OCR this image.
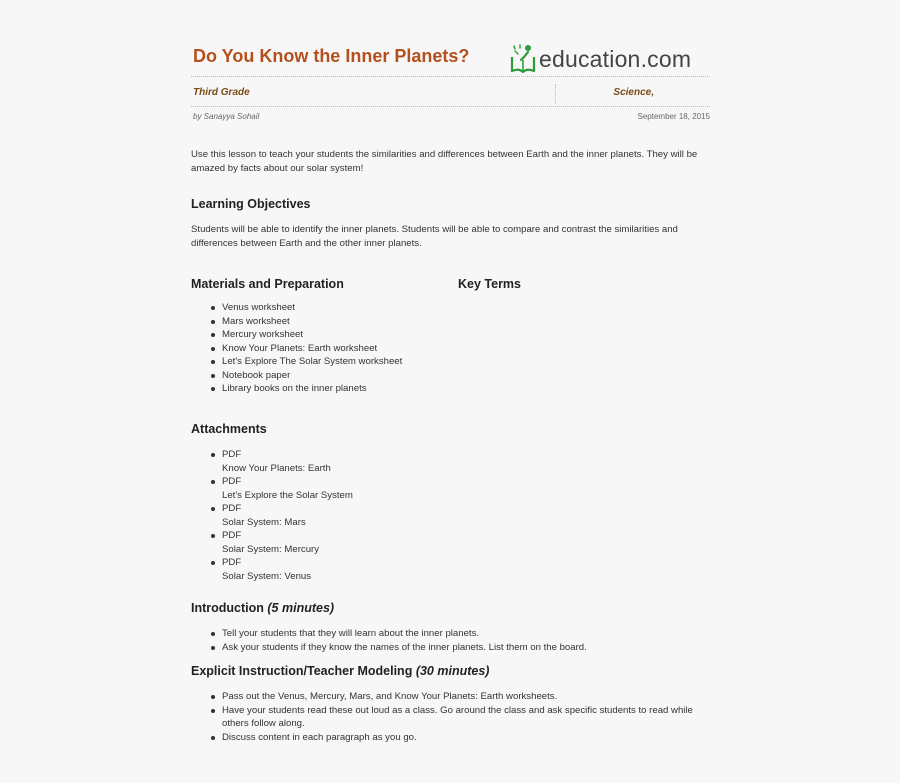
Do You Know the Inner Planets?	education.com
Third Grade	Science,
by Sanayya Sohail	September 18, 2015
Use this lesson to teach your students the similarities and differences between Earth and the inner planets. They will be amazed by facts about our solar system!
Learning Objectives
Students will be able to identify the inner planets. Students will be able to compare and contrast the similarities and differences between Earth and the other inner planets.
Materials and Preparation	Key Terms
Venus worksheet
Mars worksheet
Mercury worksheet
Know Your Planets: Earth worksheet
Let's Explore The Solar System worksheet
Notebook paper
Library books on the inner planets
Attachments
PDF
Know Your Planets: Earth
PDF
Let's Explore the Solar System
PDF
Solar System: Mars
PDF
Solar System: Mercury
PDF
Solar System: Venus
Introduction (5 minutes)
Tell your students that they will learn about the inner planets.
Ask your students if they know the names of the inner planets. List them on the board.
Explicit Instruction/Teacher Modeling (30 minutes)
Pass out the Venus, Mercury, Mars, and Know Your Planets: Earth worksheets.
Have your students read these out loud as a class. Go around the class and ask specific students to read while others follow along.
Discuss content in each paragraph as you go.
